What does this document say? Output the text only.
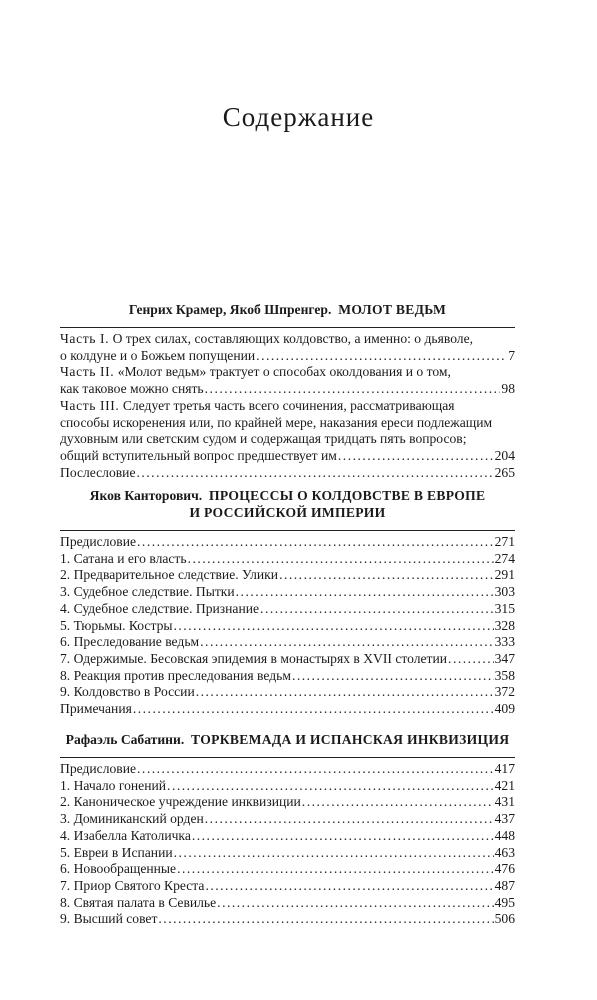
Содержание
Генрих Крамер, Якоб Шпренгер. МОЛОТ ВЕДЬМ
Часть I. О трех силах, составляющих колдовство, а именно: о дьяволе,
о колдуне и о Божьем попущении .....	7
Часть II. «Молот ведьм» трактует о способах околдования и о том,
как таковое можно снять .....	98
Часть III. Следует третья часть всего сочинения, рассматривающая
способы искоренения или, по крайней мере, наказания ереси подлежащим
духовным или светским судом и содержащая тридцать пять вопросов;
общий вступительный вопрос предшествует им .....	204
Послесловие .....	265
Яков Канторович. ПРОЦЕССЫ О КОЛДОВСТВЕ В ЕВРОПЕ
И РОССИЙСКОЙ ИМПЕРИИ
Предисловие .....	271
1. Сатана и его власть .....	274
2. Предварительное следствие. Улики .....	291
3. Судебное следствие. Пытки .....	303
4. Судебное следствие. Признание .....	315
5. Тюрьмы. Костры .....	328
6. Преследование ведьм .....	333
7. Одержимые. Бесовская эпидемия в монастырях в XVII столетии .....	347
8. Реакция против преследования ведьм .....	358
9. Колдовство в России .....	372
Примечания .....	409
Рафаэль Сабатини. ТОРКВЕМАДА И ИСПАНСКАЯ ИНКВИЗИЦИЯ
Предисловие .....	417
1. Начало гонений .....	421
2. Каноническое учреждение инквизиции .....	431
3. Доминиканский орден .....	437
4. Изабелла Католичка .....	448
5. Евреи в Испании .....	463
6. Новообращенные .....	476
7. Приор Святого Креста .....	487
8. Святая палата в Севилье .....	495
9. Высший совет .....	506
